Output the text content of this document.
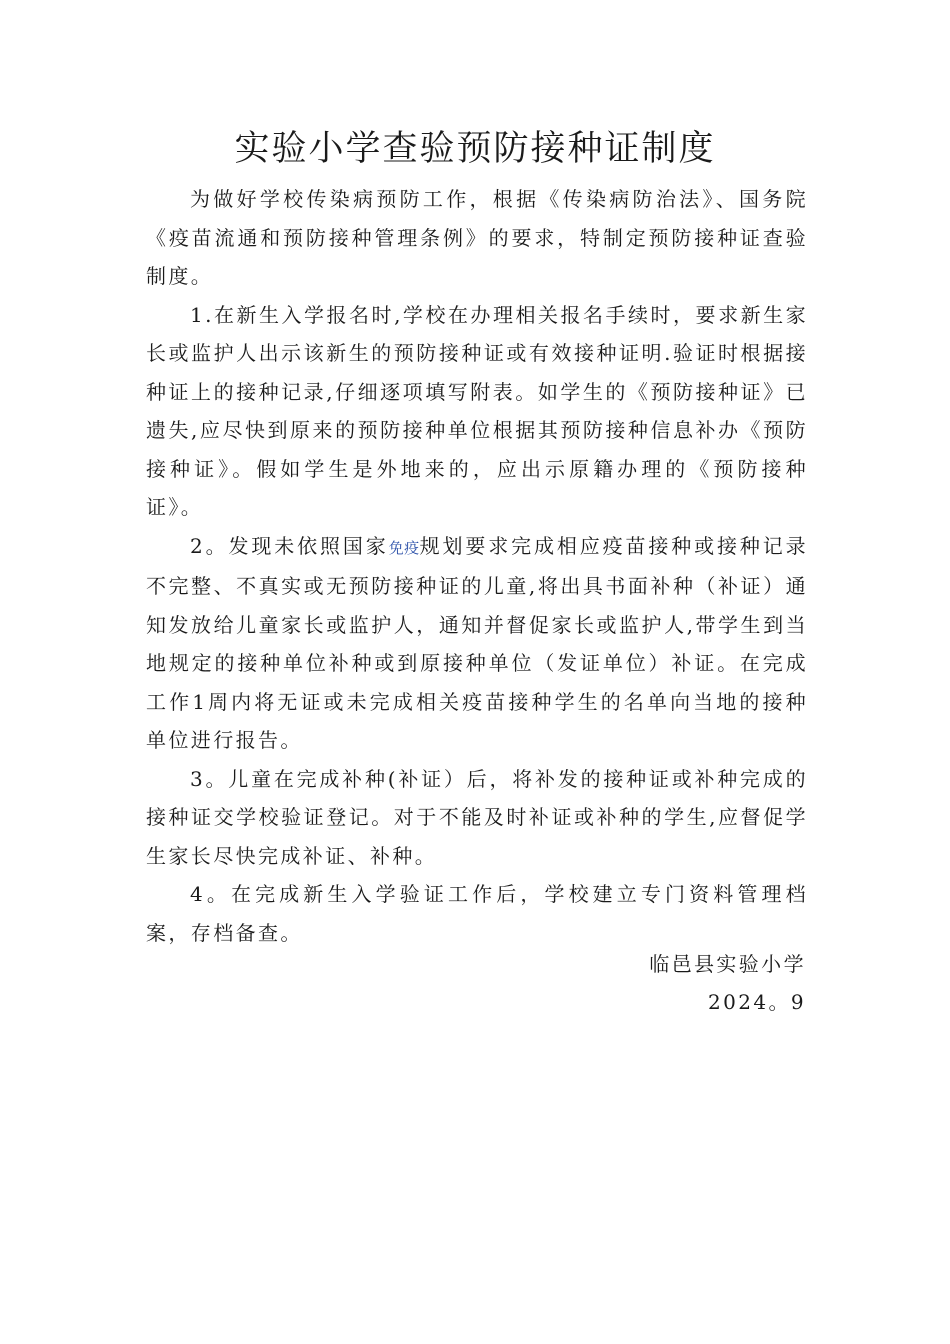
实验小学查验预防接种证制度

为做好学校传染病预防工作，根据《传染病防治法》、国务院《疫苗流通和预防接种管理条例》的要求，特制定预防接种证查验制度。

1.在新生入学报名时,学校在办理相关报名手续时，要求新生家长或监护人出示该新生的预防接种证或有效接种证明.验证时根据接种证上的接种记录,仔细逐项填写附表。如学生的《预防接种证》已遗失,应尽快到原来的预防接种单位根据其预防接种信息补办《预防接种证》。假如学生是外地来的，应出示原籍办理的《预防接种证》。

2。发现未依照国家免疫规划要求完成相应疫苗接种或接种记录不完整、不真实或无预防接种证的儿童,将出具书面补种（补证）通知发放给儿童家长或监护人，通知并督促家长或监护人,带学生到当地规定的接种单位补种或到原接种单位（发证单位）补证。在完成工作1周内将无证或未完成相关疫苗接种学生的名单向当地的接种单位进行报告。

3。儿童在完成补种(补证）后，将补发的接种证或补种完成的接种证交学校验证登记。对于不能及时补证或补种的学生,应督促学生家长尽快完成补证、补种。

4。在完成新生入学验证工作后，学校建立专门资料管理档案，存档备查。

临邑县实验小学
2024。9
